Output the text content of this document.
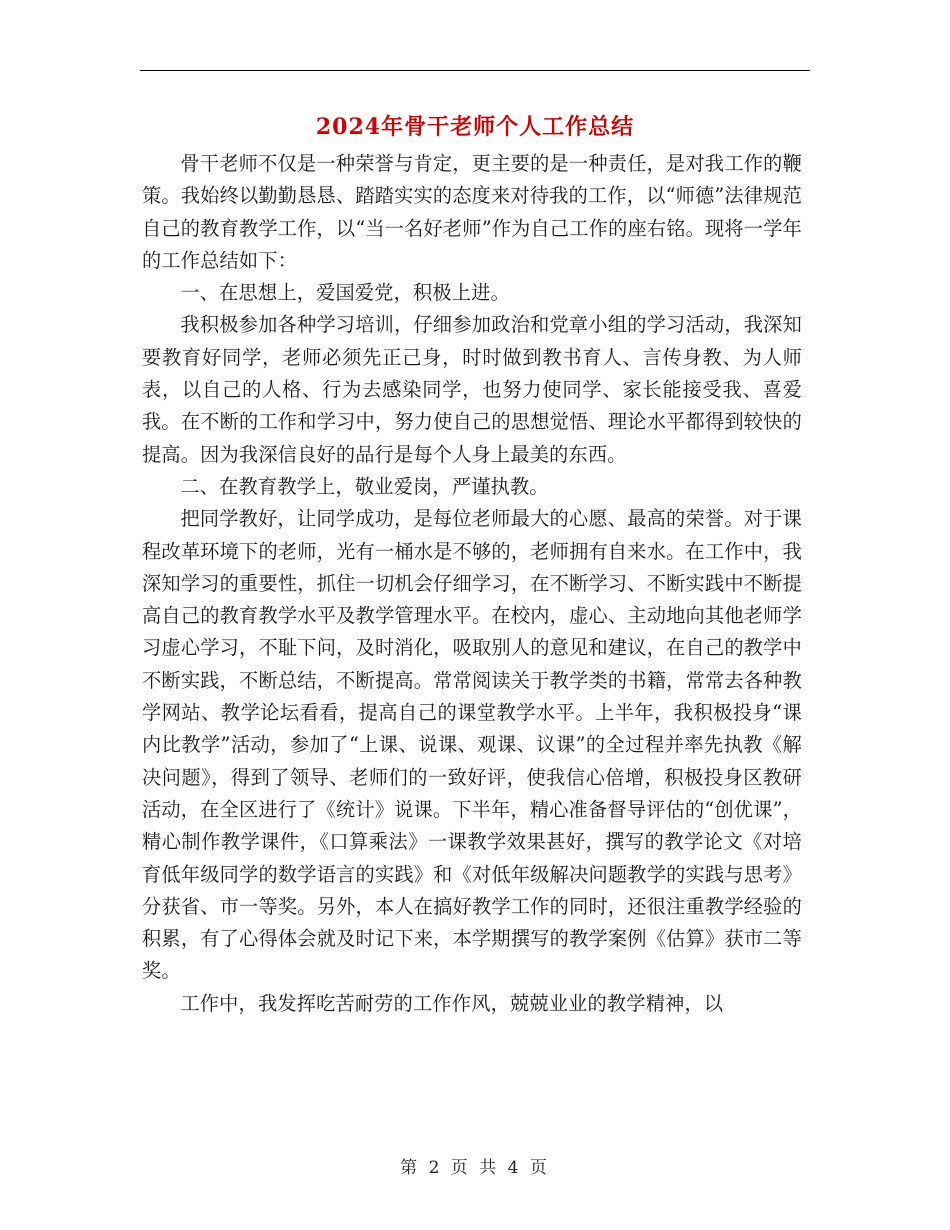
2024年骨干老师个人工作总结

骨干老师不仅是一种荣誉与肯定，更主要的是一种责任，是对我工作的鞭策。我始终以勤勤恳恳、踏踏实实的态度来对待我的工作，以“师德”法律规范自己的教育教学工作，以“当一名好老师”作为自己工作的座右铭。现将一学年的工作总结如下：

一、在思想上，爱国爱党，积极上进。

我积极参加各种学习培训，仔细参加政治和党章小组的学习活动，我深知要教育好同学，老师必须先正己身，时时做到教书育人、言传身教、为人师表，以自己的人格、行为去感染同学，也努力使同学、家长能接受我、喜爱我。在不断的工作和学习中，努力使自己的思想觉悟、理论水平都得到较快的提高。因为我深信良好的品行是每个人身上最美的东西。

二、在教育教学上，敬业爱岗，严谨执教。

把同学教好，让同学成功，是每位老师最大的心愿、最高的荣誉。对于课程改革环境下的老师，光有一桶水是不够的，老师拥有自来水。在工作中，我深知学习的重要性，抓住一切机会仔细学习，在不断学习、不断实践中不断提高自己的教育教学水平及教学管理水平。在校内，虚心、主动地向其他老师学习虚心学习，不耻下问，及时消化，吸取别人的意见和建议，在自己的教学中不断实践，不断总结，不断提高。常常阅读关于教学类的书籍，常常去各种教学网站、教学论坛看看，提高自己的课堂教学水平。上半年，我积极投身“课内比教学”活动，参加了“上课、说课、观课、议课”的全过程并率先执教《解决问题》，得到了领导、老师们的一致好评，使我信心倍增，积极投身区教研活动，在全区进行了《统计》说课。下半年，精心准备督导评估的“创优课”，精心制作教学课件，《口算乘法》一课教学效果甚好，撰写的教学论文《对培育低年级同学的数学语言的实践》和《对低年级解决问题教学的实践与思考》分获省、市一等奖。另外，本人在搞好教学工作的同时，还很注重教学经验的积累，有了心得体会就及时记下来，本学期撰写的教学案例《估算》获市二等奖。

工作中，我发挥吃苦耐劳的工作作风，兢兢业业的教学精神，以

第 2 页 共 4 页
